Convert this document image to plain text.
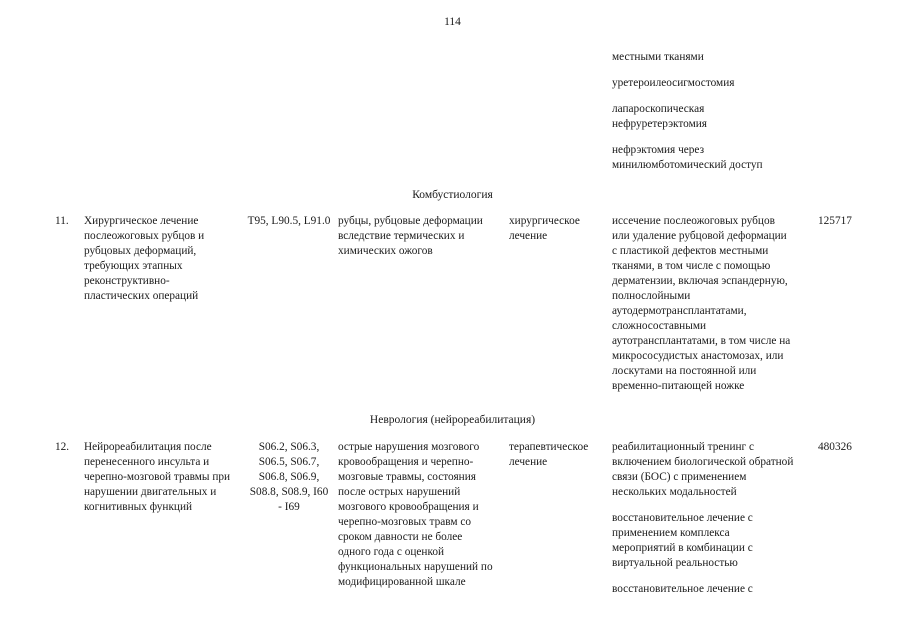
114
местными тканями
уретероилеосигмостомия
лапароскопическая
нефруретерэктомия
нефрэктомия через
минилюмботомический доступ
Комбустиология
11.	Хирургическое лечение
послеожоговых рубцов и
рубцовых деформаций,
требующих этапных
реконструктивно-
пластических операций
T95, L90.5, L91.0 рубцы, рубцовые деформации
вследствие термических и
химических ожогов
хирургическое
лечение
иссечение послеожоговых рубцов
или удаление рубцовой деформации
с пластикой дефектов местными
тканями, в том числе с помощью
дерматензии, включая эспандерную,
полнослойными
аутодермотрансплантатами,
сложносоставными
аутотрансплантатами, в том числе на
микрососудистых анастомозах, или
лоскутами на постоянной или
временно-питающей ножке
125717
Неврология (нейрореабилитация)
12.	Нейрореабилитация после
перенесенного инсульта и
черепно-мозговой травмы при
нарушении двигательных и
когнитивных функций
S06.2, S06.3,
S06.5, S06.7,
S06.8, S06.9,
S08.8, S08.9, I60
- I69
острые нарушения мозгового
кровообращения и черепно-
мозговые травмы, состояния
после острых нарушений
мозгового кровообращения и
черепно-мозговых травм со
сроком давности не более
одного года с оценкой
функциональных нарушений по
модифицированной шкале
терапевтическое
лечение
реабилитационный тренинг с
включением биологической обратной
связи (БОС) с применением
нескольких модальностей
восстановительное лечение с
применением комплекса
мероприятий в комбинации с
виртуальной реальностью
восстановительное лечение с
480326
